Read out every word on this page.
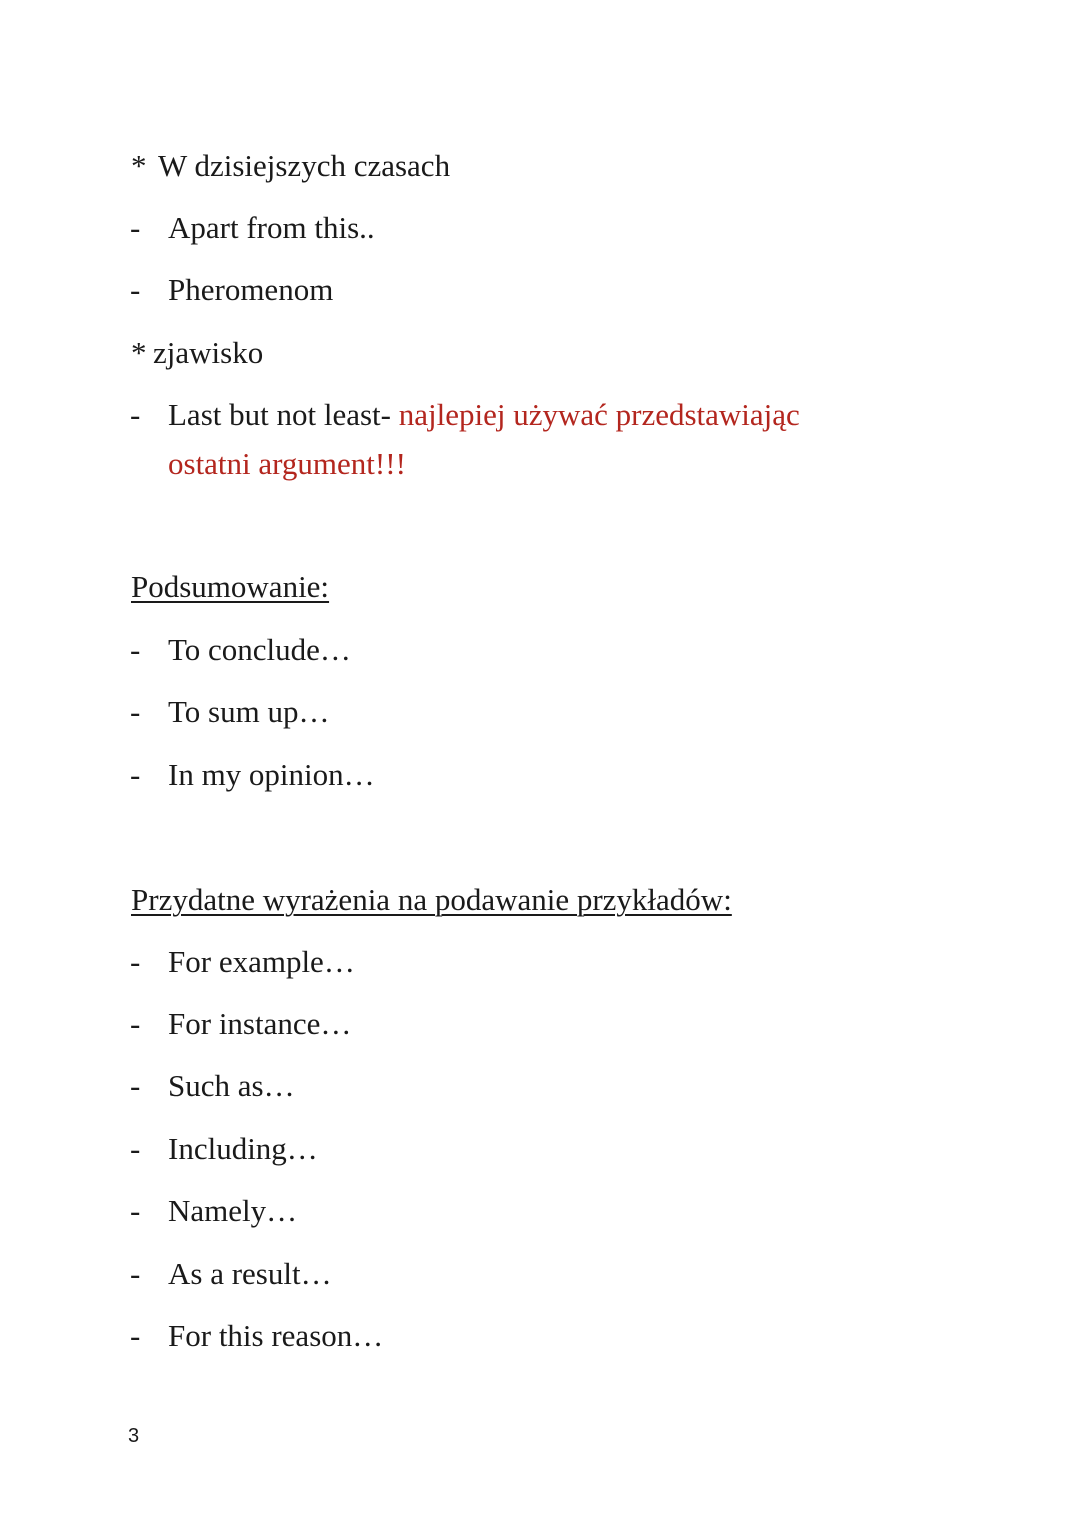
* W dzisiejszych czasach
- Apart from this..
- Pheromenom
* zjawisko
- Last but not least- najlepiej używać przedstawiając
ostatni argument!!!
Podsumowanie:
- To conclude…
- To sum up…
- In my opinion…
Przydatne wyrażenia na podawanie przykładów:
- For example…
- For instance…
- Such as…
- Including…
- Namely…
- As a result…
- For this reason…
3
